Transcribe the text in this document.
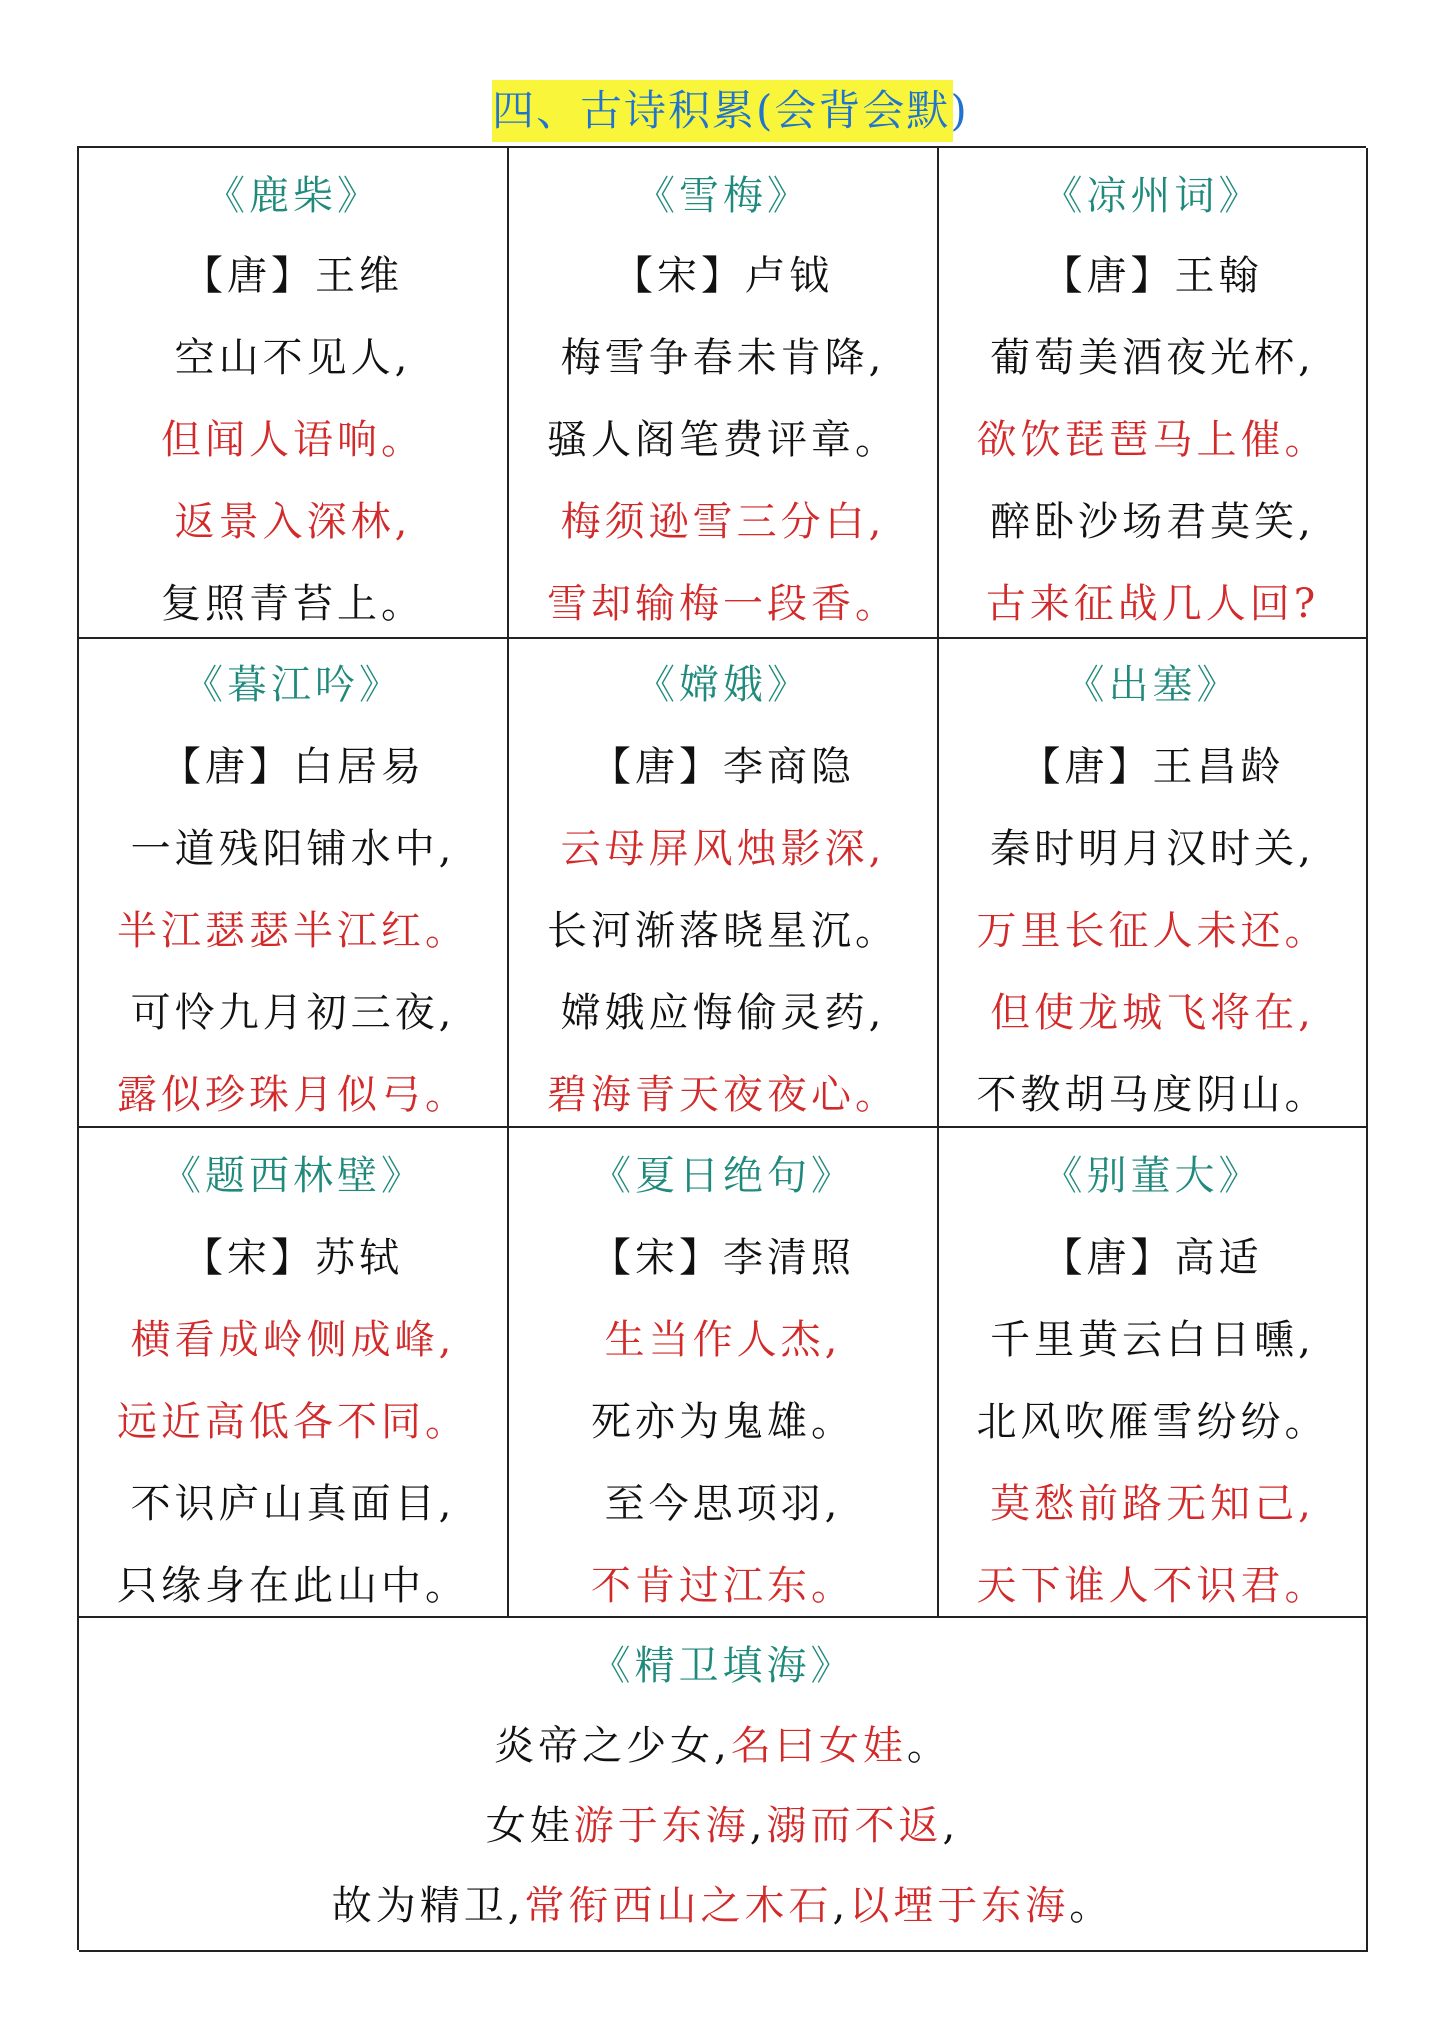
四、古诗积累(会背会默)
《鹿柴》
【唐】王维
空山不见人,
但闻人语响。
返景入深林,
复照青苔上。
《雪梅》
【宋】卢钺
梅雪争春未肯降,
骚人阁笔费评章。
梅须逊雪三分白,
雪却输梅一段香。
《凉州词》
【唐】王翰
葡萄美酒夜光杯,
欲饮琵琶马上催。
醉卧沙场君莫笑,
古来征战几人回?
《暮江吟》
【唐】白居易
一道残阳铺水中,
半江瑟瑟半江红。
可怜九月初三夜,
露似珍珠月似弓。
《嫦娥》
【唐】李商隐
云母屏风烛影深,
长河渐落晓星沉。
嫦娥应悔偷灵药,
碧海青天夜夜心。
《出塞》
【唐】王昌龄
秦时明月汉时关,
万里长征人未还。
但使龙城飞将在,
不教胡马度阴山。
《题西林壁》
【宋】苏轼
横看成岭侧成峰,
远近高低各不同。
不识庐山真面目,
只缘身在此山中。
《夏日绝句》
【宋】李清照
生当作人杰,
死亦为鬼雄。
至今思项羽,
不肯过江东。
《别董大》
【唐】高适
千里黄云白日曛,
北风吹雁雪纷纷。
莫愁前路无知己,
天下谁人不识君。
《精卫填海》
炎帝之少女,名曰女娃。
女娃游于东海,溺而不返,
故为精卫,常衔西山之木石,以堙于东海。
